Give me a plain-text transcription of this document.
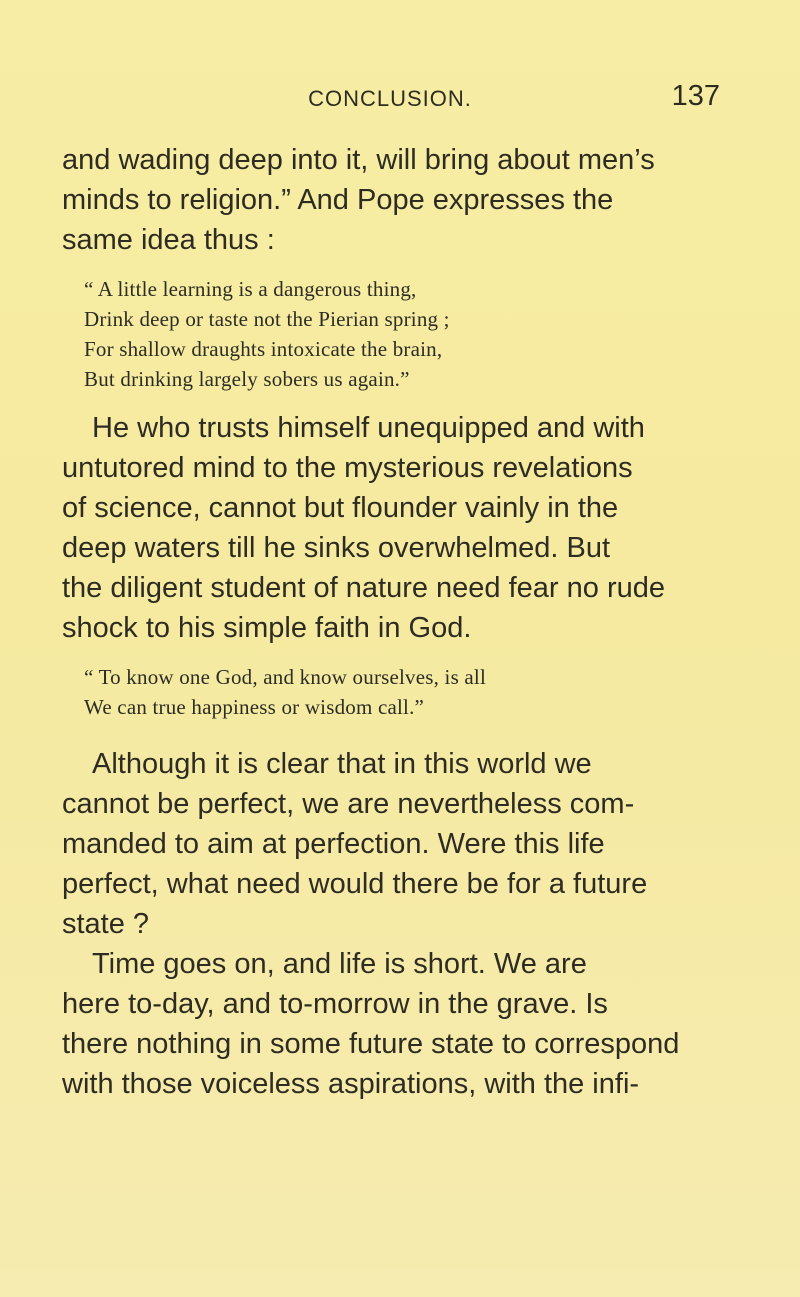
CONCLUSION.	137
and wading deep into it, will bring about men’s
minds to religion.” And Pope expresses the
same idea thus :
“ A little learning is a dangerous thing,
Drink deep or taste not the Pierian spring ;
For shallow draughts intoxicate the brain,
But drinking largely sobers us again.”
He who trusts himself unequipped and with
untutored mind to the mysterious revelations
of science, cannot but flounder vainly in the
deep waters till he sinks overwhelmed. But
the diligent student of nature need fear no rude
shock to his simple faith in God.
“ To know one God, and know ourselves, is all
We can true happiness or wisdom call.”
Although it is clear that in this world we
cannot be perfect, we are nevertheless com-
manded to aim at perfection. Were this life
perfect, what need would there be for a future
state ?
Time goes on, and life is short. We are
here to-day, and to-morrow in the grave. Is
there nothing in some future state to correspond
with those voiceless aspirations, with the infi-
